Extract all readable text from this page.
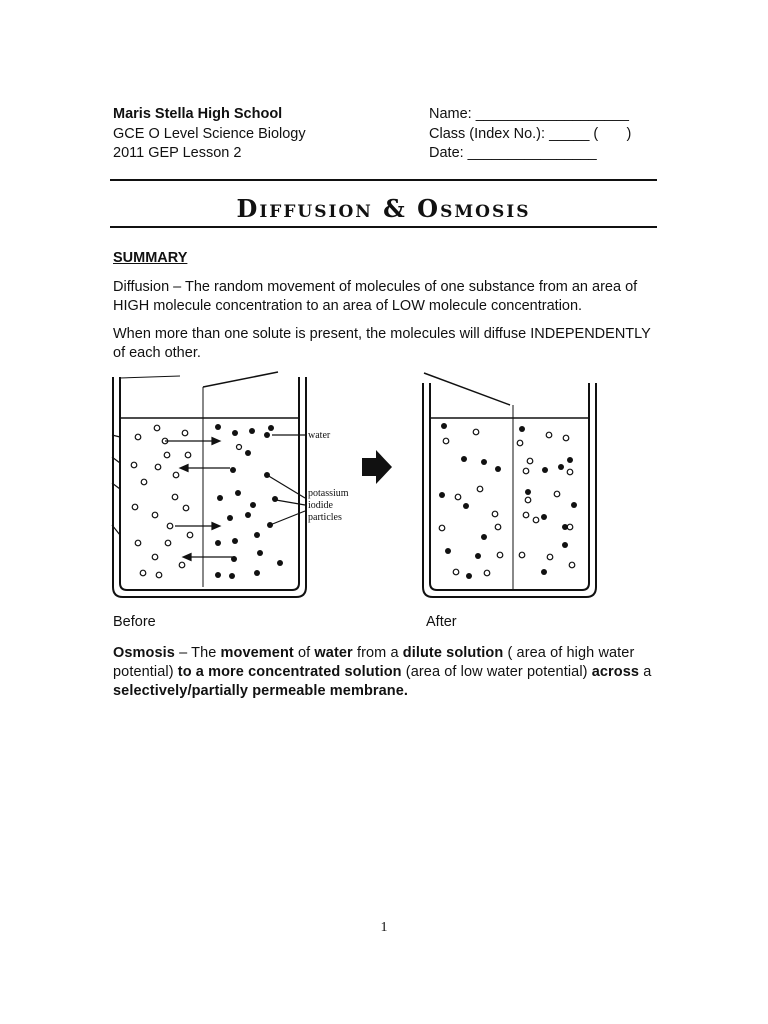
Maris Stella High School
GCE O Level Science Biology
2011 GEP Lesson 2
Name: ___________________
Class (Index No.): _____ (       )
Date: ________________
Diffusion & Osmosis
SUMMARY
Diffusion – The random movement of molecules of one substance from an area of HIGH molecule concentration to an area of LOW molecule concentration.
When more than one solute is present, the molecules will diffuse INDEPENDENTLY of each other.
water
potassium
iodide
particles
Before	After
Osmosis – The movement of water from a dilute solution ( area of high water potential) to a more concentrated solution (area of low water potential) across a selectively/partially permeable membrane.
1
